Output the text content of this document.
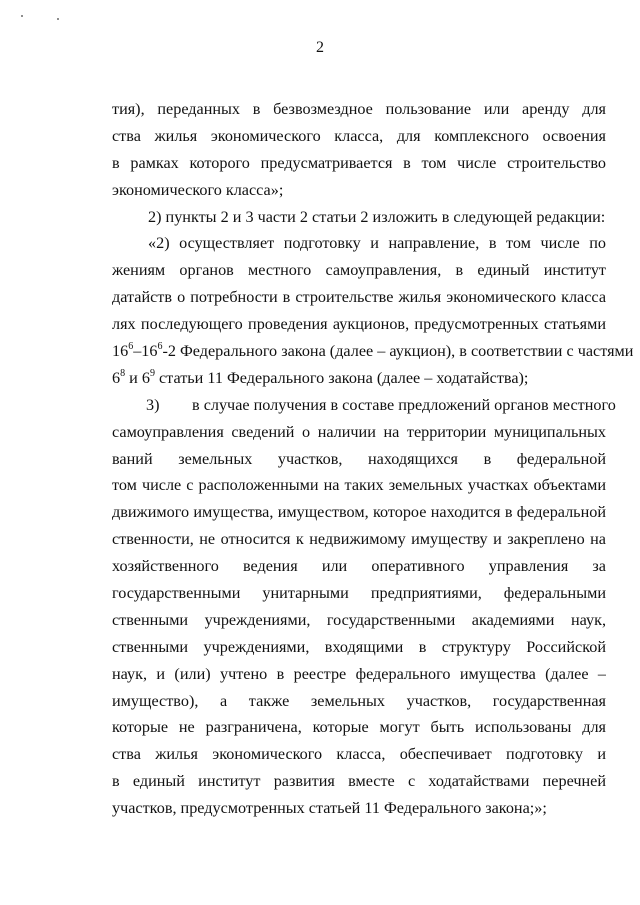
2
тия), переданных в безвозмездное пользование или аренду для
ства жилья экономического класса, для комплексного освоения
в рамках которого предусматривается в том числе строительство
экономического класса»;
2) пункты 2 и 3 части 2 статьи 2 изложить в следующей редакции:
«2) осуществляет подготовку и направление, в том числе по
жениям органов местного самоуправления, в единый институт
датайств о потребности в строительстве жилья экономического класса
лях последующего проведения аукционов, предусмотренных статьями
$16^6-16^6-2$ Федерального закона (далее – аукцион), в соответствии с частями
$6^8$ и $6^9$ статьи 11 Федерального закона (далее – ходатайства);
3) в случае получения в составе предложений органов местного
самоуправления сведений о наличии на территории муниципальных
ваний земельных участков, находящихся в федеральной
том числе с расположенными на таких земельных участках объектами
движимого имущества, имуществом, которое находится в федеральной
ственности, не относится к недвижимому имуществу и закреплено на
хозяйственного ведения или оперативного управления за
государственными унитарными предприятиями, федеральными
ственными учреждениями, государственными академиями наук,
ственными учреждениями, входящими в структуру Российской
наук, и (или) учтено в реестре федерального имущества (далее –
имущество), а также земельных участков, государственная
которые не разграничена, которые могут быть использованы для
ства жилья экономического класса, обеспечивает подготовку и
в единый институт развития вместе с ходатайствами перечней
участков, предусмотренных статьей 11 Федерального закона;»;
